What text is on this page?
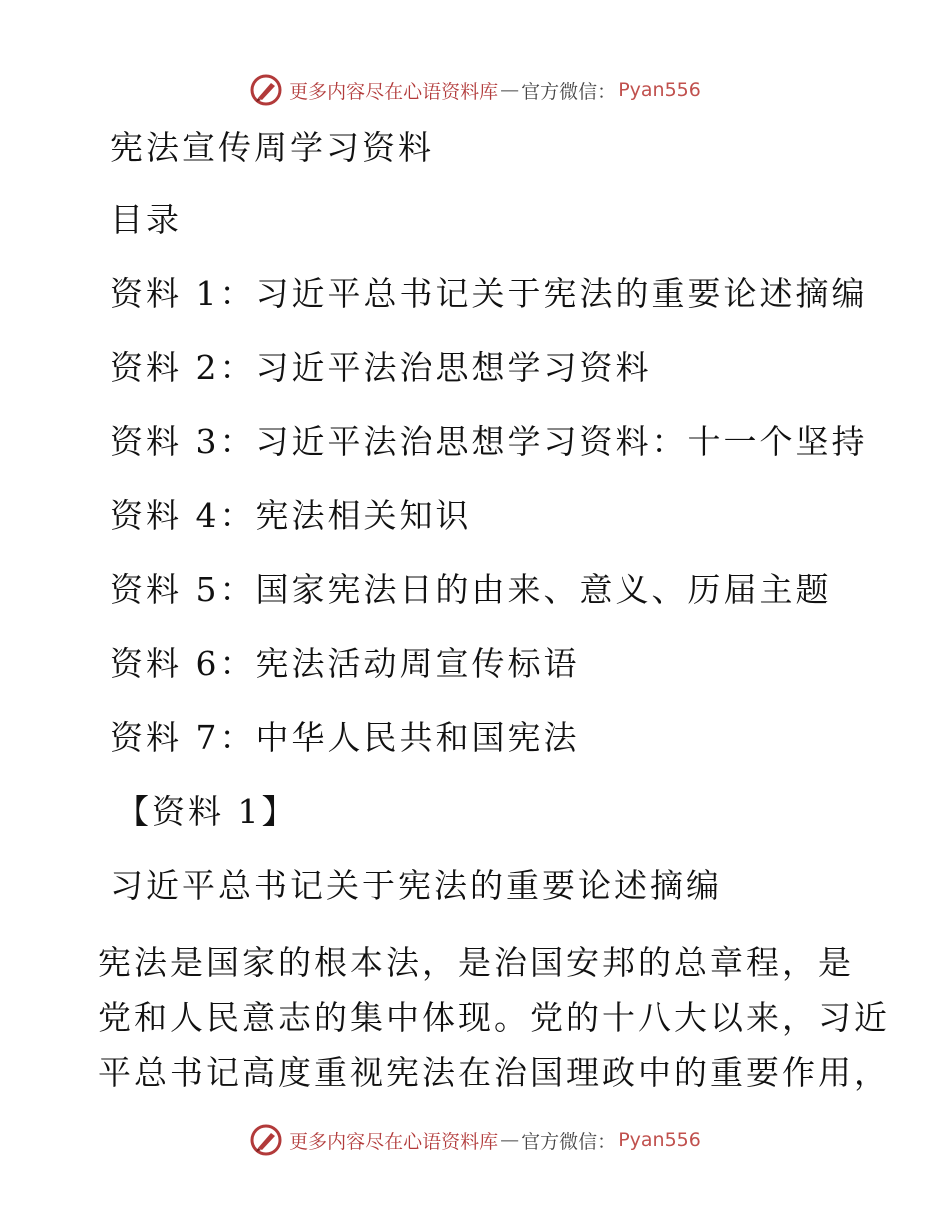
更多内容尽在心语资料库 — 官方微信： Pyan556
宪法宣传周学习资料
目录
资料 1：习近平总书记关于宪法的重要论述摘编
资料 2：习近平法治思想学习资料
资料 3：习近平法治思想学习资料：十一个坚持
资料 4：宪法相关知识
资料 5：国家宪法日的由来、意义、历届主题
资料 6：宪法活动周宣传标语
资料 7：中华人民共和国宪法
【资料 1】
习近平总书记关于宪法的重要论述摘编
宪法是国家的根本法，是治国安邦的总章程，是
党和人民意志的集中体现。党的十八大以来，习近
平总书记高度重视宪法在治国理政中的重要作用，
更多内容尽在心语资料库 — 官方微信： Pyan556
